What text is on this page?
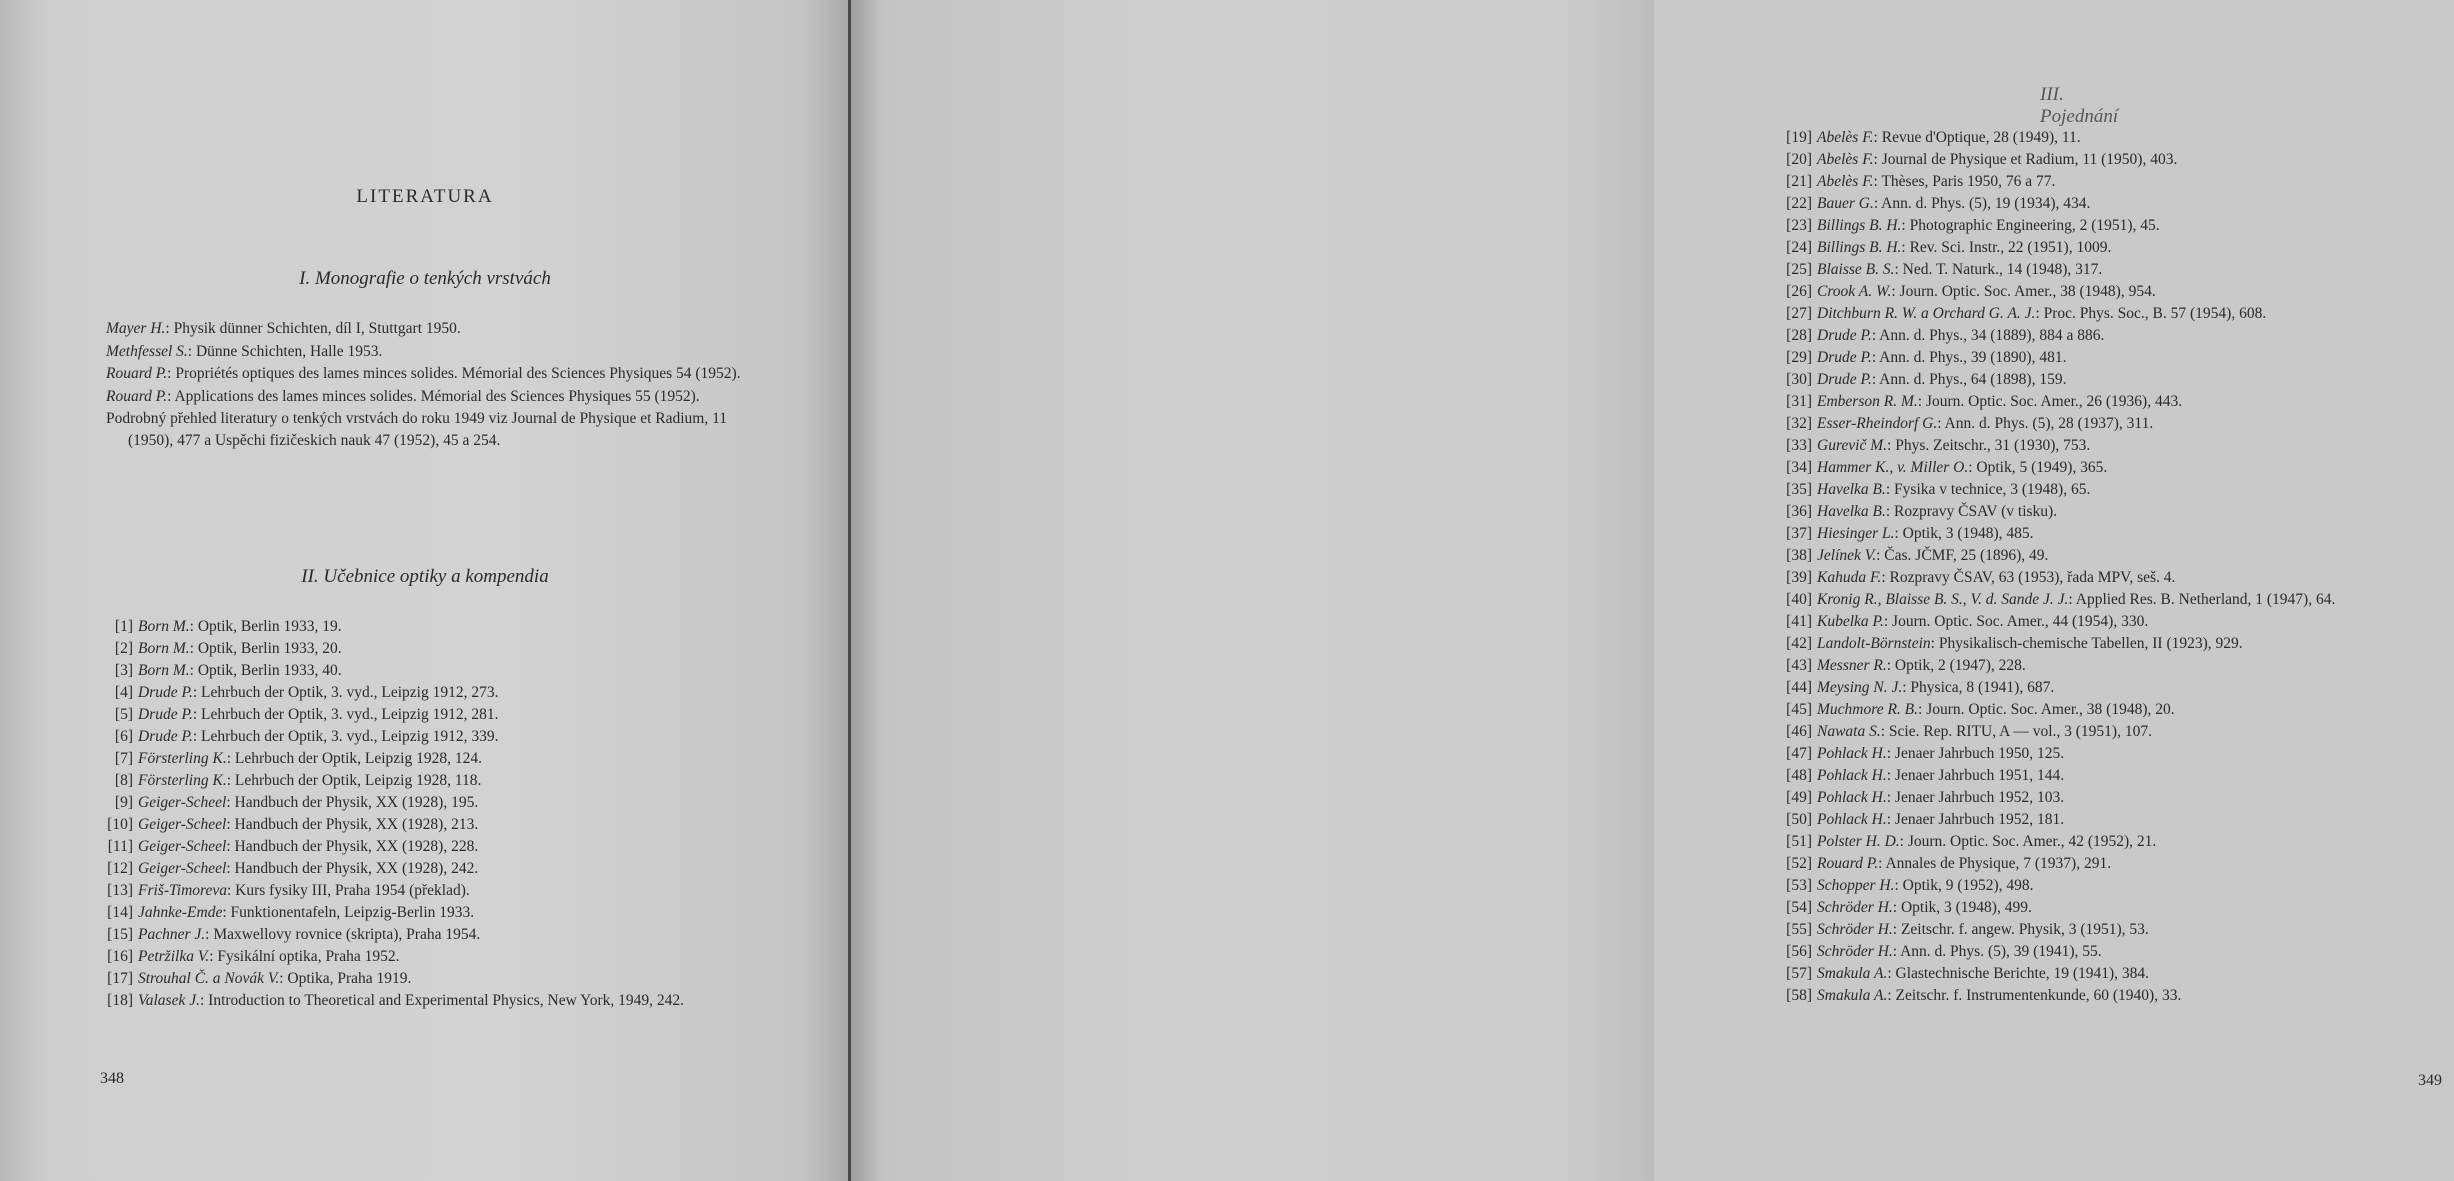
LITERATURA
I. Monografie o tenkých vrstvách

Mayer H.: Physik dünner Schichten, díl I, Stuttgart 1950.

Methfessel S.: Dünne Schichten, Halle 1953.

Rouard P.: Propriétés optiques des lames minces solides. Mémorial des Sciences Physiques 54 (1952).

Rouard P.: Applications des lames minces solides. Mémorial des Sciences Physiques 55 (1952).

Podrobný přehled literatury o tenkých vrstvách do roku 1949 viz Journal de Physique et Radium, 11 (1950), 477 a Uspěchi fizičeskich nauk 47 (1952), 45 a 254.

II. Učebnice optiky a kompendia
[1] Born M.: Optik, Berlin 1933, 19.
[2] Born M.: Optik, Berlin 1933, 20.
[3] Born M.: Optik, Berlin 1933, 40.
[4] Drude P.: Lehrbuch der Optik, 3. vyd., Leipzig 1912, 273.
[5] Drude P.: Lehrbuch der Optik, 3. vyd., Leipzig 1912, 281.
[6] Drude P.: Lehrbuch der Optik, 3. vyd., Leipzig 1912, 339.
[7] Försterling K.: Lehrbuch der Optik, Leipzig 1928, 124.
[8] Försterling K.: Lehrbuch der Optik, Leipzig 1928, 118.
[9] Geiger-Scheel: Handbuch der Physik, XX (1928), 195.
[10] Geiger-Scheel: Handbuch der Physik, XX (1928), 213.
[11] Geiger-Scheel: Handbuch der Physik, XX (1928), 228.
[12] Geiger-Scheel: Handbuch der Physik, XX (1928), 242.
[13] Friš-Timoreva: Kurs fysiky III, Praha 1954 (překlad).
[14] Jahnke-Emde: Funktionentafeln, Leipzig-Berlin 1933.
[15] Pachner J.: Maxwellovy rovnice (skripta), Praha 1954.
[16] Petržilka V.: Fysikální optika, Praha 1952.
[17] Strouhal Č. a Novák V.: Optika, Praha 1919.
[18] Valasek J.: Introduction to Theoretical and Experimental Physics, New York, 1949, 242.
348
III. Pojednání
[19] Abelès F.: Revue d'Optique, 28 (1949), 11.
[20] Abelès F.: Journal de Physique et Radium, 11 (1950), 403.
[21] Abelès F.: Thèses, Paris 1950, 76 a 77.
[22] Bauer G.: Ann. d. Phys. (5), 19 (1934), 434.
[23] Billings B. H.: Photographic Engineering, 2 (1951), 45.
[24] Billings B. H.: Rev. Sci. Instr., 22 (1951), 1009.
[25] Blaisse B. S.: Ned. T. Naturk., 14 (1948), 317.
[26] Crook A. W.: Journ. Optic. Soc. Amer., 38 (1948), 954.
[27] Ditchburn R. W. a Orchard G. A. J.: Proc. Phys. Soc., B. 57 (1954), 608.
[28] Drude P.: Ann. d. Phys., 34 (1889), 884 a 886.
[29] Drude P.: Ann. d. Phys., 39 (1890), 481.
[30] Drude P.: Ann. d. Phys., 64 (1898), 159.
[31] Emberson R. M.: Journ. Optic. Soc. Amer., 26 (1936), 443.
[32] Esser-Rheindorf G.: Ann. d. Phys. (5), 28 (1937), 311.
[33] Gurevič M.: Phys. Zeitschr., 31 (1930), 753.
[34] Hammer K., v. Miller O.: Optik, 5 (1949), 365.
[35] Havelka B.: Fysika v technice, 3 (1948), 65.
[36] Havelka B.: Rozpravy ČSAV (v tisku).
[37] Hiesinger L.: Optik, 3 (1948), 485.
[38] Jelínek V.: Čas. JČMF, 25 (1896), 49.
[39] Kahuda F.: Rozpravy ČSAV, 63 (1953), řada MPV, seš. 4.
[40] Kronig R., Blaisse B. S., V. d. Sande J. J.: Applied Res. B. Netherland, 1 (1947), 64.
[41] Kubelka P.: Journ. Optic. Soc. Amer., 44 (1954), 330.
[42] Landolt-Börnstein: Physikalisch-chemische Tabellen, II (1923), 929.
[43] Messner R.: Optik, 2 (1947), 228.
[44] Meysing N. J.: Physica, 8 (1941), 687.
[45] Muchmore R. B.: Journ. Optic. Soc. Amer., 38 (1948), 20.
[46] Nawata S.: Scie. Rep. RITU, A — vol., 3 (1951), 107.
[47] Pohlack H.: Jenaer Jahrbuch 1950, 125.
[48] Pohlack H.: Jenaer Jahrbuch 1951, 144.
[49] Pohlack H.: Jenaer Jahrbuch 1952, 103.
[50] Pohlack H.: Jenaer Jahrbuch 1952, 181.
[51] Polster H. D.: Journ. Optic. Soc. Amer., 42 (1952), 21.
[52] Rouard P.: Annales de Physique, 7 (1937), 291.
[53] Schopper H.: Optik, 9 (1952), 498.
[54] Schröder H.: Optik, 3 (1948), 499.
[55] Schröder H.: Zeitschr. f. angew. Physik, 3 (1951), 53.
[56] Schröder H.: Ann. d. Phys. (5), 39 (1941), 55.
[57] Smakula A.: Glastechnische Berichte, 19 (1941), 384.
[58] Smakula A.: Zeitschr. f. Instrumentenkunde, 60 (1940), 33.
349
